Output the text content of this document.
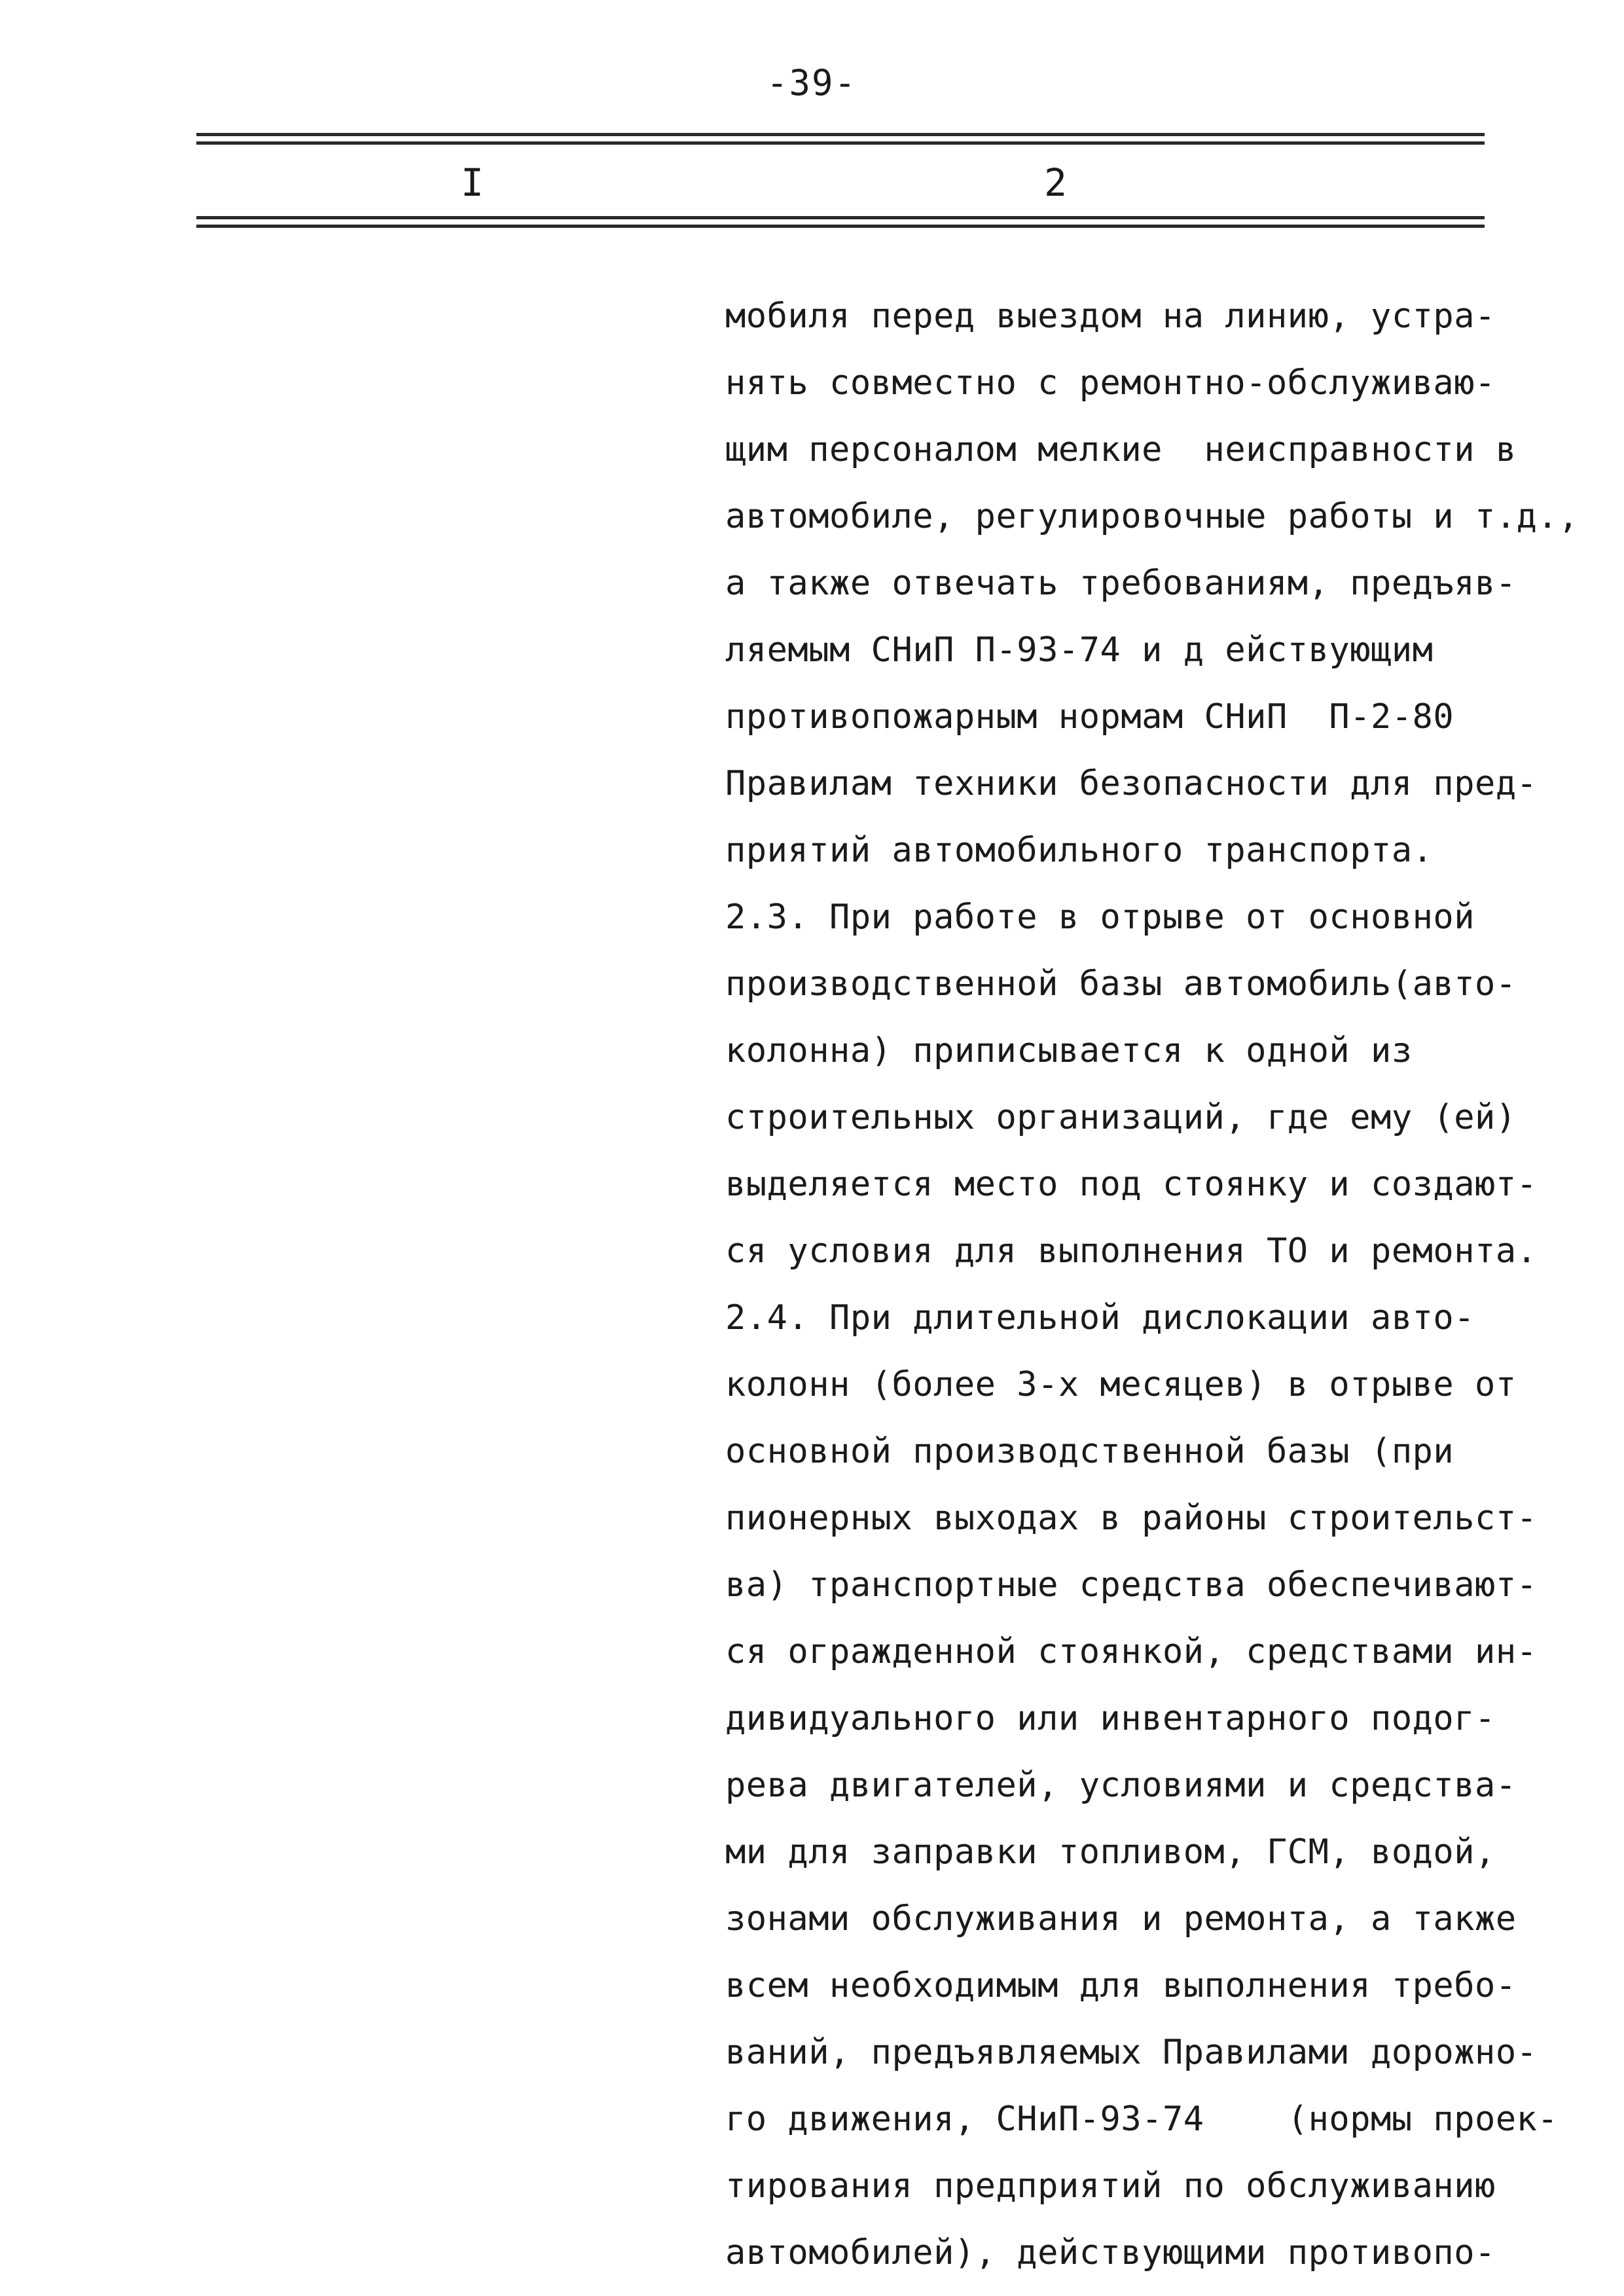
-39-
I	2
мобиля перед выездом на линию, устра-
нять совместно с ремонтно-обслуживаю-
щим персоналом мелкие  неисправности в
автомобиле, регулировочные работы и т.д.,
а также отвечать требованиям, предъяв-
ляемым СНиП П-93-74 и д ействующим
противопожарным нормам СНиП  П-2-80
Правилам техники безопасности для пред-
приятий автомобильного транспорта.
2.3. При работе в отрыве от основной
производственной базы автомобиль(авто-
колонна) приписывается к одной из
строительных организаций, где ему (ей)
выделяется место под стоянку и создают-
ся условия для выполнения ТО и ремонта.
2.4. При длительной дислокации авто-
колонн (более 3-х месяцев) в отрыве от
основной производственной базы (при
пионерных выходах в районы строительст-
ва) транспортные средства обеспечивают-
ся огражденной стоянкой, средствами ин-
дивидуального или инвентарного подог-
рева двигателей, условиями и средства-
ми для заправки топливом, ГСМ, водой,
зонами обслуживания и ремонта, а также
всем необходимым для выполнения требо-
ваний, предъявляемых Правилами дорожно-
го движения, СНиП-93-74    (нормы проек-
тирования предприятий по обслуживанию
автомобилей), действующими противопо-
